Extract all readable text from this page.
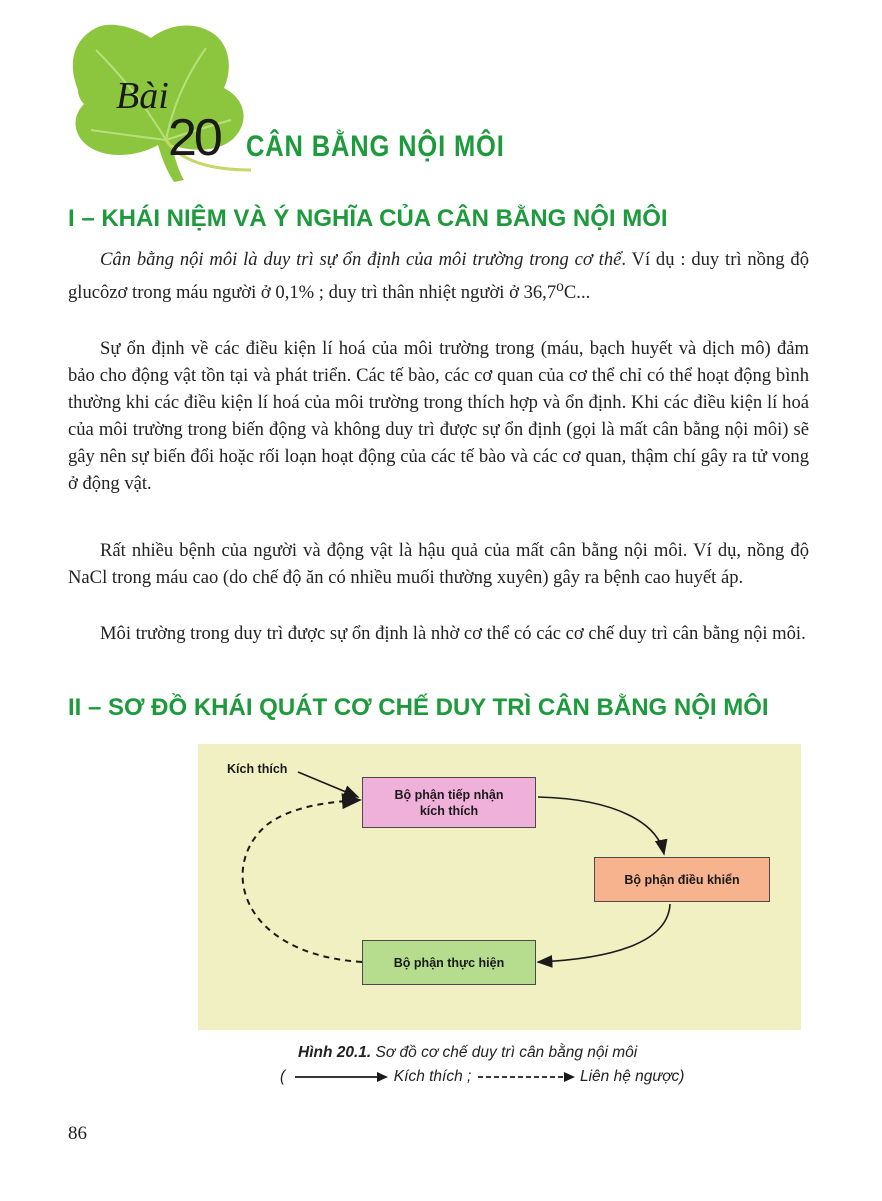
Bài
20 CÂN BẰNG NỘI MÔI
I – KHÁI NIỆM VÀ Ý NGHĨA CỦA CÂN BẰNG NỘI MÔI

Cân bằng nội môi là duy trì sự ổn định của môi trường trong cơ thể. Ví dụ : duy trì nồng độ glucôzơ trong máu người ở 0,1% ; duy trì thân nhiệt người ở 36,7$^o$C...

Sự ổn định về các điều kiện lí hoá của môi trường trong (máu, bạch huyết và dịch mô) đảm bảo cho động vật tồn tại và phát triển. Các tế bào, các cơ quan của cơ thể chỉ có thể hoạt động bình thường khi các điều kiện lí hoá của môi trường trong thích hợp và ổn định. Khi các điều kiện lí hoá của môi trường trong biến động và không duy trì được sự ổn định (gọi là mất cân bằng nội môi) sẽ gây nên sự biến đổi hoặc rối loạn hoạt động của các tế bào và các cơ quan, thậm chí gây ra tử vong ở động vật.

Rất nhiều bệnh của người và động vật là hậu quả của mất cân bằng nội môi. Ví dụ, nồng độ NaCl trong máu cao (do chế độ ăn có nhiều muối thường xuyên) gây ra bệnh cao huyết áp.

Môi trường trong duy trì được sự ổn định là nhờ cơ thể có các cơ chế duy trì cân bằng nội môi.

II – SƠ ĐỒ KHÁI QUÁT CƠ CHẾ DUY TRÌ CÂN BẰNG NỘI MÔI
Kích thích
Bộ phận tiếp nhận
kích thích
Bộ phận điều khiển
Bộ phận thực hiện
Hình 20.1. Sơ đồ cơ chế duy trì cân bằng nội môi
(	Kích thích ;	Liên hệ ngược)
86
